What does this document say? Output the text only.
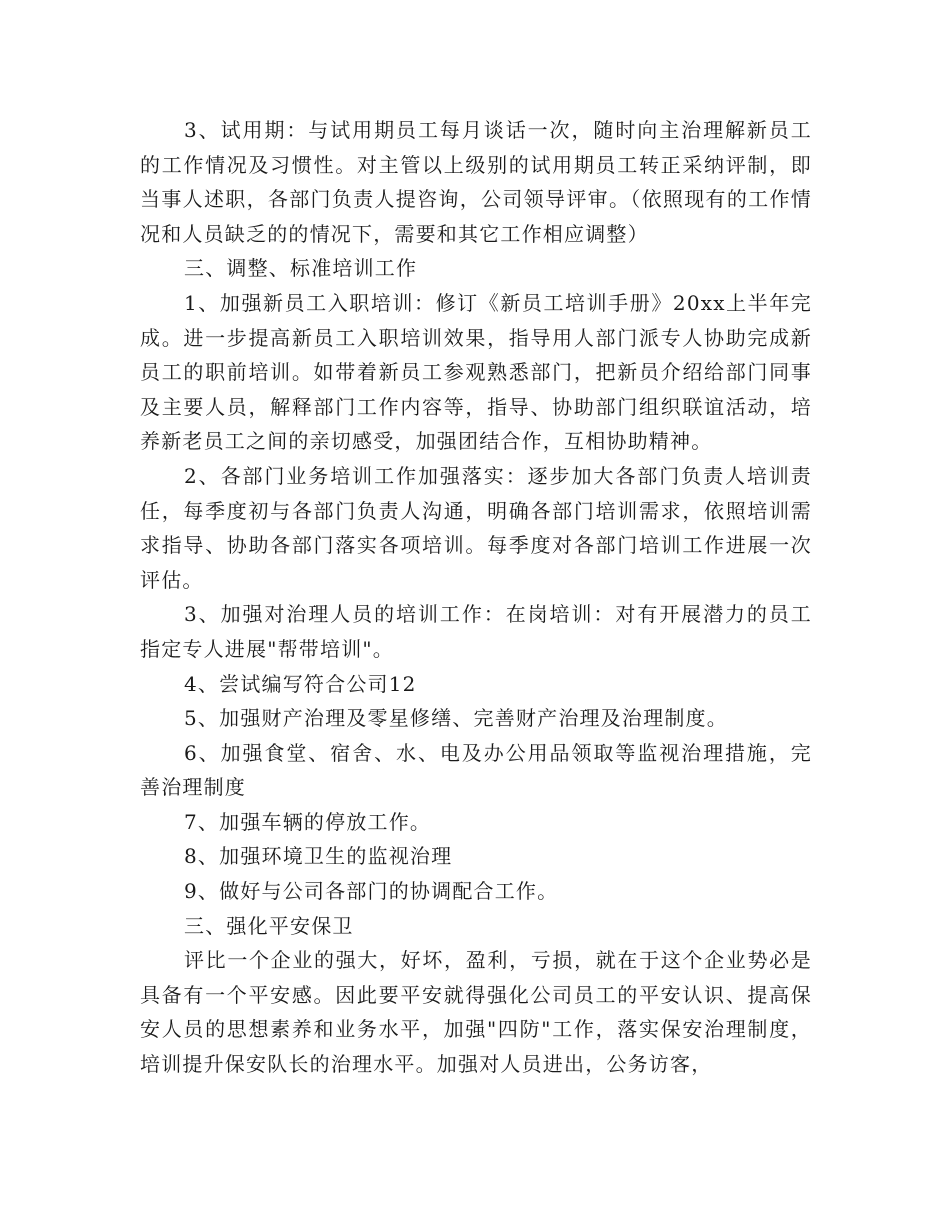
3、试用期：与试用期员工每月谈话一次，随时向主治理解新员工的工作情况及习惯性。对主管以上级别的试用期员工转正采纳评制，即当事人述职，各部门负责人提咨询，公司领导评审。（依照现有的工作情况和人员缺乏的的情况下，需要和其它工作相应调整）

三、调整、标准培训工作

1、加强新员工入职培训：修订《新员工培训手册》20xx上半年完成。进一步提高新员工入职培训效果，指导用人部门派专人协助完成新员工的职前培训。如带着新员工参观熟悉部门，把新员介绍给部门同事及主要人员，解释部门工作内容等，指导、协助部门组织联谊活动，培养新老员工之间的亲切感受，加强团结合作，互相协助精神。

2、各部门业务培训工作加强落实：逐步加大各部门负责人培训责任，每季度初与各部门负责人沟通，明确各部门培训需求，依照培训需求指导、协助各部门落实各项培训。每季度对各部门培训工作进展一次评估。

3、加强对治理人员的培训工作：在岗培训：对有开展潜力的员工指定专人进展"帮带培训"。

4、尝试编写符合公司12

5、加强财产治理及零星修缮、完善财产治理及治理制度。

6、加强食堂、宿舍、水、电及办公用品领取等监视治理措施，完善治理制度

7、加强车辆的停放工作。

8、加强环境卫生的监视治理

9、做好与公司各部门的协调配合工作。

三、强化平安保卫

评比一个企业的强大，好坏，盈利，亏损，就在于这个企业势必是具备有一个平安感。因此要平安就得强化公司员工的平安认识、提高保安人员的思想素养和业务水平，加强"四防"工作，落实保安治理制度，培训提升保安队长的治理水平。加强对人员进出，公务访客，
